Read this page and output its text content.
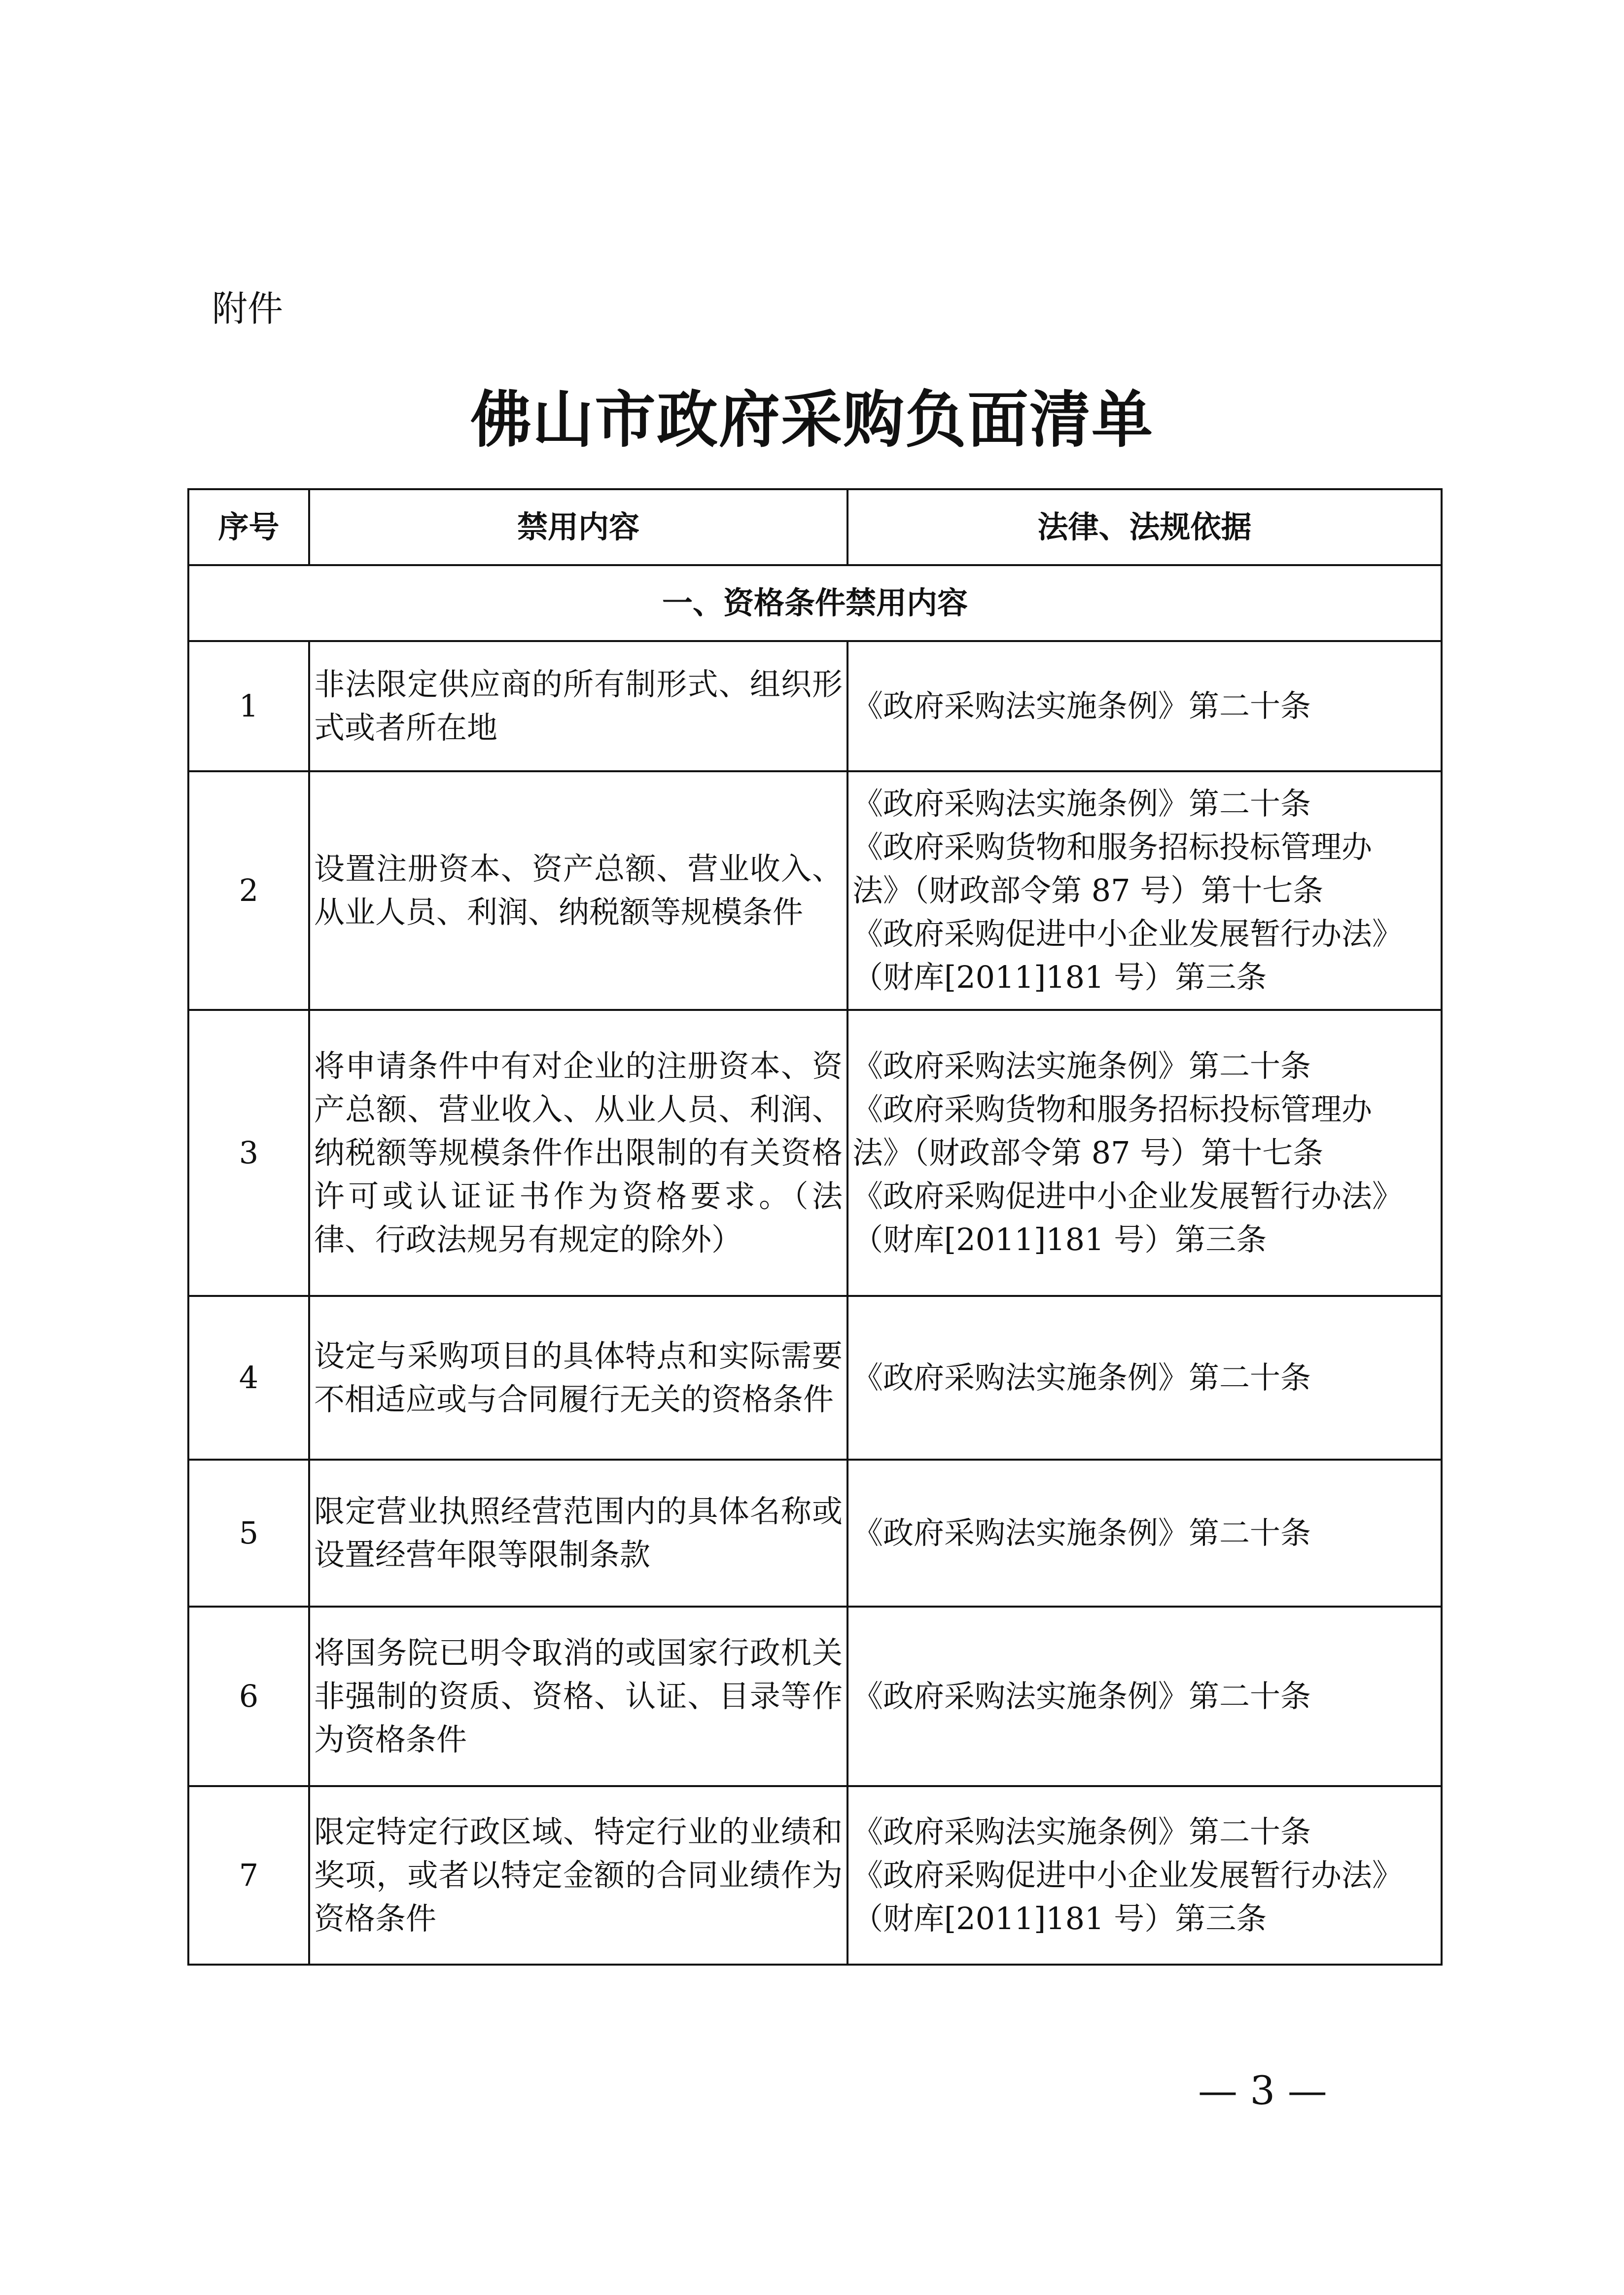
附件
佛山市政府采购负面清单
序号	禁用内容	法律、法规依据
一、资格条件禁用内容		
1	非法限定供应商的所有制形式、组织形式或者所在地	《政府采购法实施条例》第二十条

2	设置注册资本、资产总额、营业收入、从业人员、利润、纳税额等规模条件	《政府采购法实施条例》第二十条
《政府采购货物和服务招标投标管理办
法》（财政部令第 87 号）第十七条
《政府采购促进中小企业发展暂行办法》
（财库[2011]181 号）第三条

3	将申请条件中有对企业的注册资本、资产总额、营业收入、从业人员、利润、纳税额等规模条件作出限制的有关资格许可或认证证书作为资格要求。（法律、行政法规另有规定的除外）	《政府采购法实施条例》第二十条
《政府采购货物和服务招标投标管理办
法》（财政部令第 87 号）第十七条
《政府采购促进中小企业发展暂行办法》
（财库[2011]181 号）第三条

4	设定与采购项目的具体特点和实际需要不相适应或与合同履行无关的资格条件	《政府采购法实施条例》第二十条

5	限定营业执照经营范围内的具体名称或设置经营年限等限制条款	《政府采购法实施条例》第二十条

6	将国务院已明令取消的或国家行政机关非强制的资质、资格、认证、目录等作为资格条件	《政府采购法实施条例》第二十条

7	限定特定行政区域、特定行业的业绩和奖项，或者以特定金额的合同业绩作为资格条件	《政府采购法实施条例》第二十条
《政府采购促进中小企业发展暂行办法》
（财库[2011]181 号）第三条
— 3 —
